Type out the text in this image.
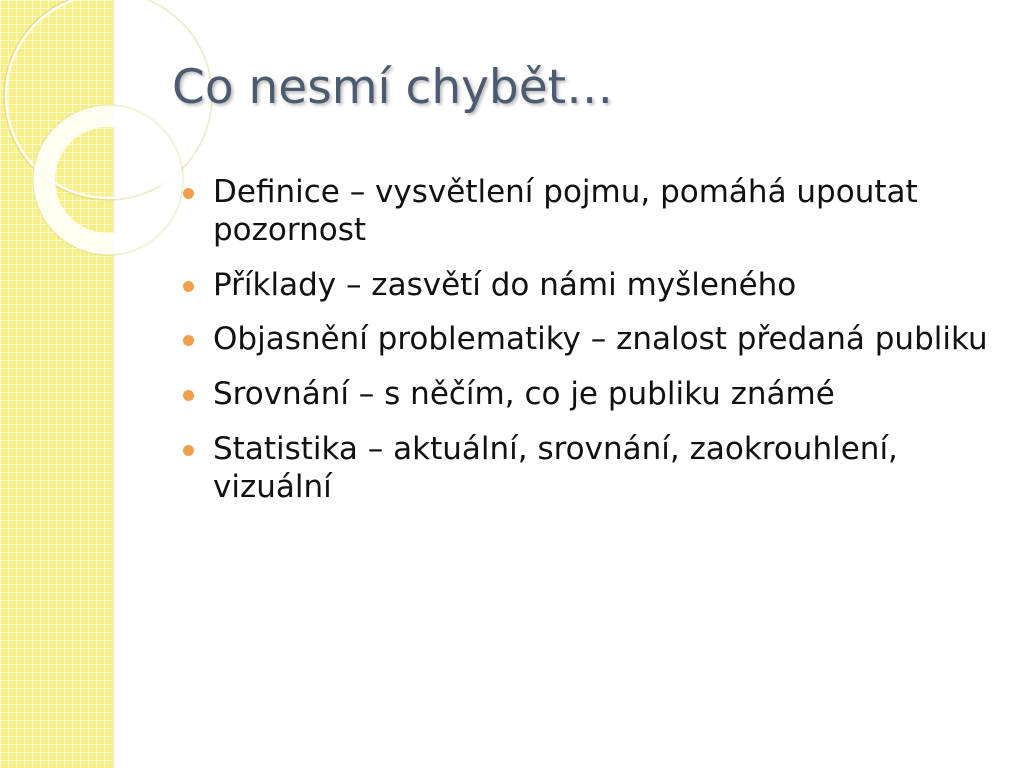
Co nesmí chybět…
Definice – vysvětlení pojmu, pomáhá upoutat pozornost
Příklady – zasvětí do námi myšleného
Objasnění problematiky – znalost předaná publiku
Srovnání – s něčím, co je publiku známé
Statistika – aktuální, srovnání, zaokrouhlení, vizuální
